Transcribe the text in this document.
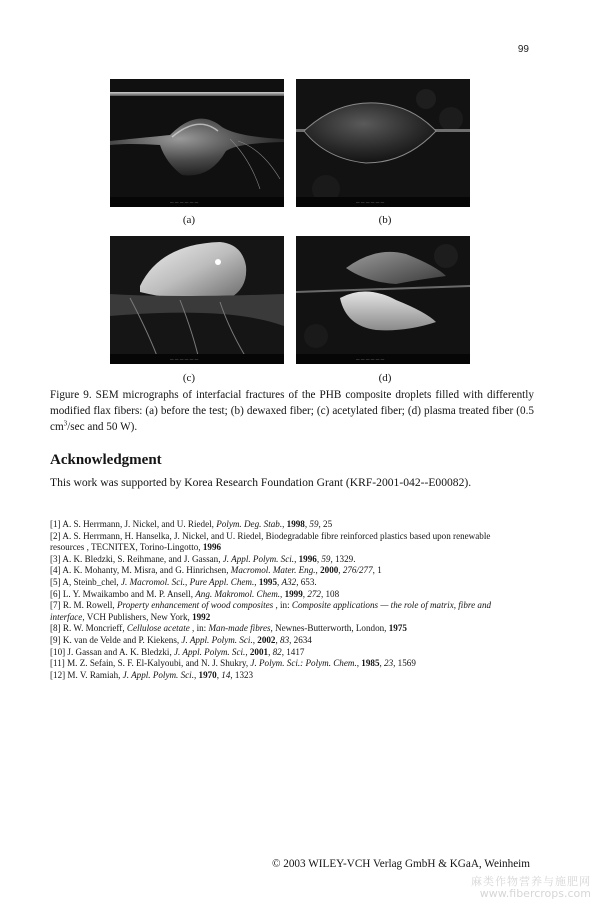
99
─ ─ ─ ─ ─ ─
(a)
─ ─ ─ ─ ─ ─
(b)
─ ─ ─ ─ ─ ─
(c)
─ ─ ─ ─ ─ ─
(d)
Figure 9. SEM micrographs of interfacial fractures of the PHB composite droplets filled with differently modified flax fibers: (a) before the test; (b) dewaxed fiber; (c) acetylated fiber; (d) plasma treated fiber (0.5 $cm^3/\sec$ and 50 W).
Acknowledgment
This work was supported by Korea Research Foundation Grant (KRF-2001-042--E00082).
[1] A. S. Herrmann, J. Nickel, and U. Riedel, Polym. Deg. Stab., 1998, 59, 25
[2] A. S. Herrmann, H. Hanselka, J. Nickel, and U. Riedel, Biodegradable fibre reinforced plastics based upon renewable resources , TECNITEX, Torino-Lingotto, 1996
[3] A. K. Bledzki, S. Reihmane, and J. Gassan, J. Appl. Polym. Sci., 1996, 59, 1329.
[4] A. K. Mohanty, M. Misra, and G. Hinrichsen, Macromol. Mater. Eng., 2000, 276/277, 1
[5] A, Steinb_chel, J. Macromol. Sci., Pure Appl. Chem., 1995, A32, 653.
[6] L. Y. Mwaikambo and M. P. Ansell, Ang. Makromol. Chem., 1999, 272, 108
[7] R. M. Rowell, Property enhancement of wood composites , in: Composite applications — the role of matrix, fibre and interface, VCH Publishers, New York, 1992
[8] R. W. Moncrieff, Cellulose acetate , in: Man-made fibres, Newnes-Butterworth, London, 1975
[9] K. van de Velde and P. Kiekens, J. Appl. Polym. Sci., 2002, 83, 2634
[10] J. Gassan and A. K. Bledzki, J. Appl. Polym. Sci., 2001, 82, 1417
[11] M. Z. Sefain, S. F. El-Kalyoubi, and N. J. Shukry, J. Polym. Sci.: Polym. Chem., 1985, 23, 1569
[12] M. V. Ramiah, J. Appl. Polym. Sci., 1970, 14, 1323
© 2003 WILEY-VCH Verlag GmbH & KGaA, Weinheim
麻类作物营养与施肥网
www.fibercrops.com
